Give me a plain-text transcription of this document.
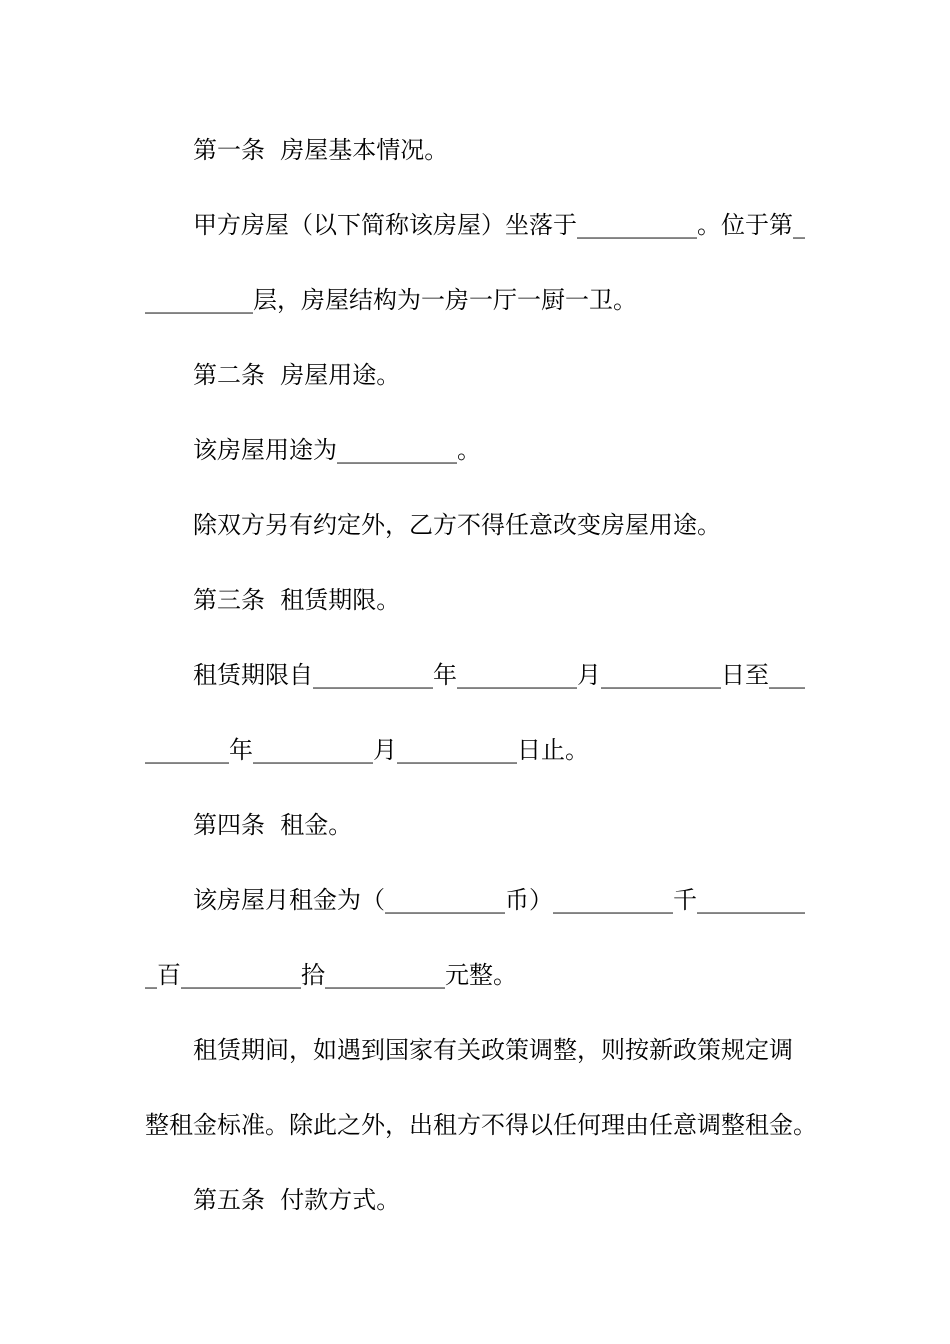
第一条  房屋基本情况。
甲方房屋（以下简称该房屋）坐落于__________。位于第_
_________层，房屋结构为一房一厅一厨一卫。
第二条  房屋用途。
该房屋用途为__________。
除双方另有约定外，乙方不得任意改变房屋用途。
第三条  租赁期限。
租赁期限自__________年__________月__________日至___
_______年__________月__________日止。
第四条  租金。
该房屋月租金为（__________币）__________千_________
_百__________拾__________元整。
租赁期间，如遇到国家有关政策调整，则按新政策规定调
整租金标准。除此之外，出租方不得以任何理由任意调整租金。
第五条  付款方式。
